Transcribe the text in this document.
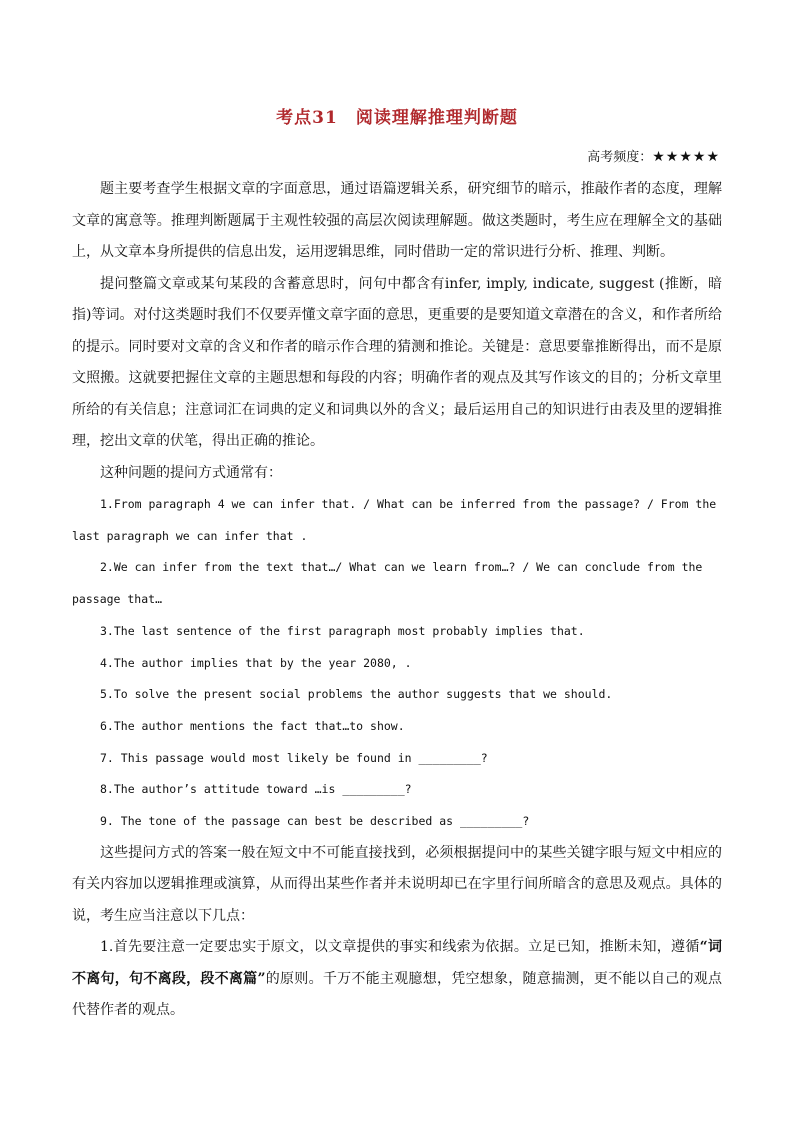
考点31　阅读理解推理判断题
高考频度：★★★★★

题主要考查学生根据文章的字面意思，通过语篇逻辑关系，研究细节的暗示，推敲作者的态度，理解文章的寓意等。推理判断题属于主观性较强的高层次阅读理解题。做这类题时，考生应在理解全文的基础上，从文章本身所提供的信息出发，运用逻辑思维，同时借助一定的常识进行分析、推理、判断。

提问整篇文章或某句某段的含蓄意思时，问句中都含有infer, imply, indicate, suggest (推断，暗指)等词。对付这类题时我们不仅要弄懂文章字面的意思，更重要的是要知道文章潜在的含义，和作者所给的提示。同时要对文章的含义和作者的暗示作合理的猜测和推论。关键是：意思要靠推断得出，而不是原文照搬。这就要把握住文章的主题思想和每段的内容；明确作者的观点及其写作该文的目的；分析文章里所给的有关信息；注意词汇在词典的定义和词典以外的含义；最后运用自己的知识进行由表及里的逻辑推理，挖出文章的伏笔，得出正确的推论。

这种问题的提问方式通常有：

1.From paragraph 4 we can infer that. / What can be inferred from the passage? / From the last paragraph we can infer that .

2.We can infer from the text that…/ What can we learn from…? / We can conclude from the passage that…

3.The last sentence of the first paragraph most probably implies that.

4.The author implies that by the year 2080, .

5.To solve the present social problems the author suggests that we should.

6.The author mentions the fact that…to show.

7. This passage would most likely be found in _________?

8.The author’s attitude toward …is _________?

9. The tone of the passage can best be described as _________?

这些提问方式的答案一般在短文中不可能直接找到，必须根据提问中的某些关键字眼与短文中相应的有关内容加以逻辑推理或演算，从而得出某些作者并未说明却已在字里行间所暗含的意思及观点。具体的说，考生应当注意以下几点：

1.首先要注意一定要忠实于原文，以文章提供的事实和线索为依据。立足已知，推断未知，遵循“词不离句，句不离段，段不离篇”的原则。千万不能主观臆想，凭空想象，随意揣测，更不能以自己的观点代替作者的观点。
